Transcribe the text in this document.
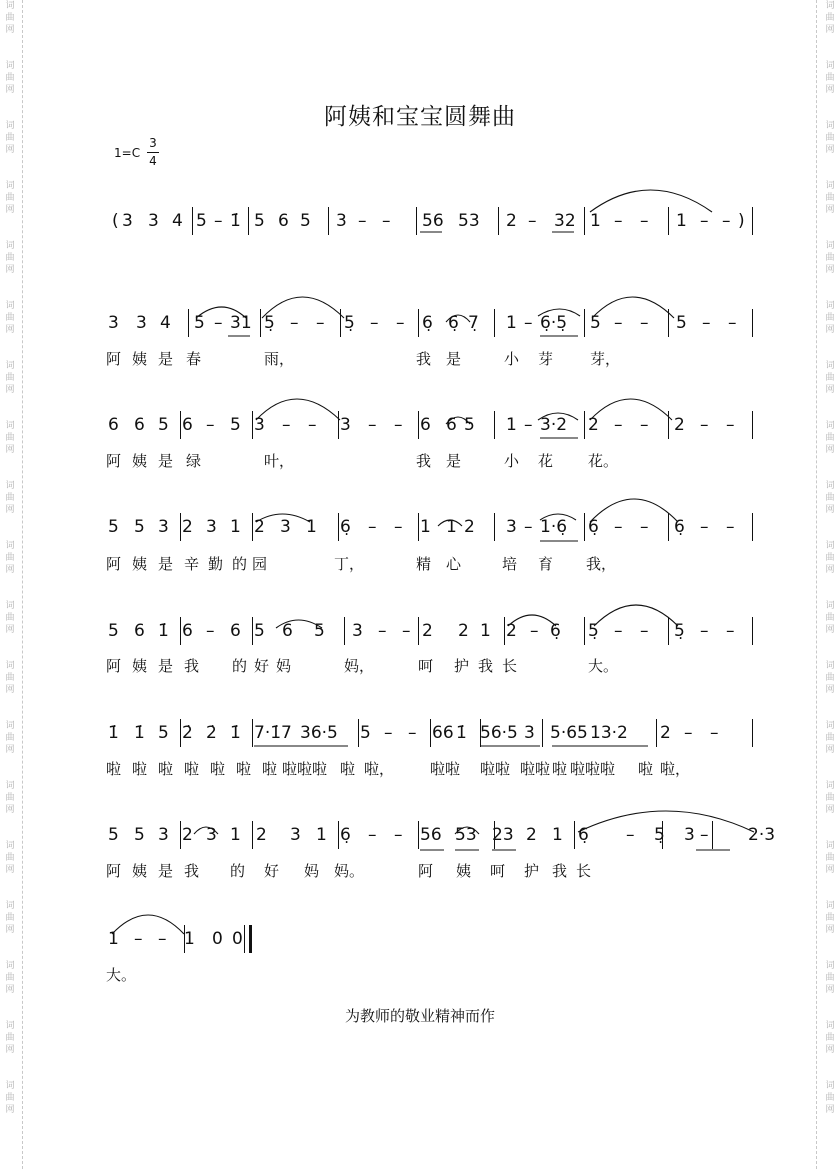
词
曲
网
词
曲
网
词
曲
网
词
曲
网
词
曲
网
词
曲
网
词
曲
网
词
曲
网
词
曲
网
词
曲
网
词
曲
网
词
曲
网
词
曲
网
词
曲
网
词
曲
网
词
曲
网
词
曲
网
词
曲
网
词
曲
网
词
曲
网
词
曲
网
词
曲
网
词
曲
网
词
曲
网
词
曲
网
词
曲
网
词
曲
网
词
曲
网
词
曲
网
词
曲
网
词
曲
网
词
曲
网
词
曲
网
词
曲
网
词
曲
网
词
曲
网
词
曲
网
词
曲
网
阿姨和宝宝圆舞曲
1=C
3
4
( 3 3 4 5 – 1̇ 5 6 5 3 – – 56 53 2 – 32 1 – – 1 – – )
3 3 4 5 – 31 5̣ – – 5̣ – – 6̣ 6̣ 7̣ 1 – 6̣·5̣ 5 – – 5 – –
阿 姨 是 春	雨，	我 是	小 芽 芽，
6 6 5 6 – 5 3 – – 3 – – 6 6 5 1 – 3·2 2 – – 2 – –
阿 姨 是 绿	叶，	我 是	小 花 花。
5 5 3 2 3 1 2 3 1 6̣ – – 1 1 2 3 – 1·6̣ 6̣ – – 6̣ – –
阿 姨 是 辛 勤 的 园	丁，	精 心	培 育 我，
5 6 1̇ 6 – 6 5 6 5 3 – – 2 2 1 2 – 6̣ 5̣ – – 5̣ – –
阿 姨 是 我 的 好 妈	妈，	呵 护 我 长	大。
1̇ 1̇ 5 2̇ 2̇ 1̇ 7·1̇7 36·5 5 – – 66 1̇ 56·5 3 5·65 13·2 2 – –
啦 啦 啦 啦 啦 啦 啦 啦啦啦 啦 啦， 啦啦 啦啦 啦啦 啦 啦啦啦 啦 啦，
5 5 3 2 3 1 2 3 1 6̣ – – 56 53 23 2 1 6̣ – 5̣ 3 – 2·3
阿 姨 是 我 的 好 妈 妈。	阿 姨 呵 护 我 长
1 – – 1 0 0
大。
为教师的敬业精神而作
